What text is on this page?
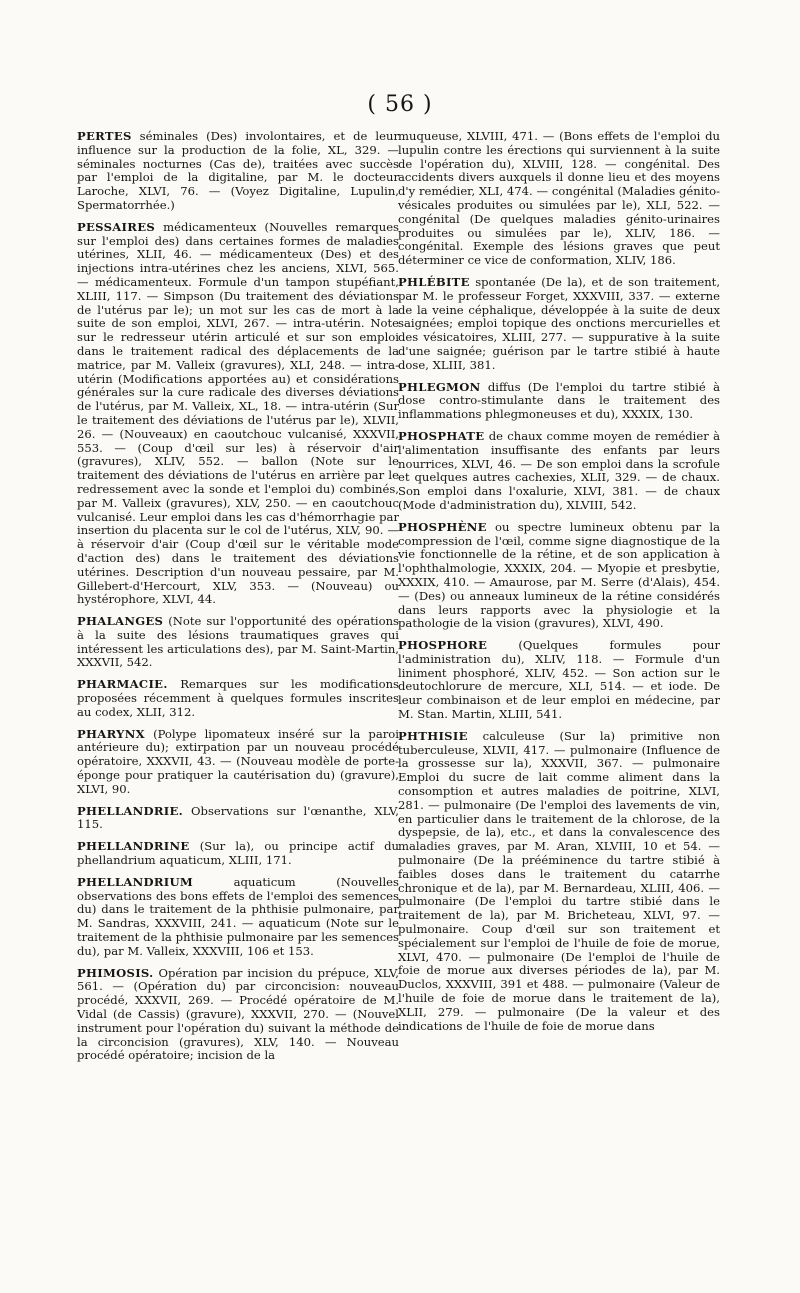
( 56 )

PERTES séminales (Des) involontaires, et de leur influence sur la production de la folie, XL, 329. — séminales nocturnes (Cas de), traitées avec succès par l'emploi de la digitaline, par M. le docteur Laroche, XLVI, 76. — (Voyez Digitaline, Lupulin, Spermatorrhée.)

PESSAIRES médicamenteux (Nouvelles remarques sur l'emploi des) dans certaines formes de maladies utérines, XLII, 46. — médicamenteux (Des) et des injections intra-utérines chez les anciens, XLVI, 565. — médicamenteux. Formule d'un tampon stupéfiant, XLIII, 117. — Simpson (Du traitement des déviations de l'utérus par le); un mot sur les cas de mort à la suite de son emploi, XLVI, 267. — intra-utérin. Note sur le redresseur utérin articulé et sur son emploi dans le traitement radical des déplacements de la matrice, par M. Valleix (gravures), XLI, 248. — intra-utérin (Modifications apportées au) et considérations générales sur la cure radicale des diverses déviations de l'utérus, par M. Valleix, XL, 18. — intra-utérin (Sur le traitement des déviations de l'utérus par le), XLVII, 26. — (Nouveaux) en caoutchouc vulcanisé, XXXVII, 553. — (Coup d'œil sur les) à réservoir d'air (gravures), XLIV, 552. — ballon (Note sur le traitement des déviations de l'utérus en arrière par le redressement avec la sonde et l'emploi du) combinés, par M. Valleix (gravures), XLV, 250. — en caoutchouc vulcanisé. Leur emploi dans les cas d'hémorrhagie par insertion du placenta sur le col de l'utérus, XLV, 90. — à réservoir d'air (Coup d'œil sur le véritable mode d'action des) dans le traitement des déviations utérines. Description d'un nouveau pessaire, par M. Gillebert-d'Hercourt, XLV, 353. — (Nouveau) ou hystérophore, XLVI, 44.

PHALANGES (Note sur l'opportunité des opérations à la suite des lésions traumatiques graves qui intéressent les articulations des), par M. Saint-Martin, XXXVII, 542.

PHARMACIE. Remarques sur les modifications proposées récemment à quelques formules inscrites au codex, XLII, 312.

PHARYNX (Polype lipomateux inséré sur la paroi antérieure du); extirpation par un nouveau procédé opératoire, XXXVII, 43. — (Nouveau modèle de porte-éponge pour pratiquer la cautérisation du) (gravure), XLVI, 90.

PHELLANDRIE. Observations sur l'œnanthe, XLV, 115.

PHELLANDRINE (Sur la), ou principe actif du phellandrium aquaticum, XLIII, 171.

PHELLANDRIUM	aquaticum (Nouvelles observations des bons effets de l'emploi des semences du) dans le traitement de la phthisie pulmonaire, par M. Sandras, XXXVIII, 241. — aquaticum (Note sur le traitement de la phthisie pulmonaire par les semences du), par M. Valleix, XXXVIII, 106 et 153.

PHIMOSIS. Opération par incision du prépuce, XLV, 561. — (Opération du) par circoncision: nouveau procédé, XXXVII, 269. — Procédé opératoire de M. Vidal (de Cassis) (gravure), XXXVII, 270. — (Nouvel instrument pour l'opération du) suivant la méthode de la circoncision (gravures), XLV, 140. — Nouveau procédé opératoire; incision de la

muqueuse, XLVIII, 471. — (Bons effets de l'emploi du lupulin contre les érections qui surviennent à la suite de l'opération du), XLVIII, 128. — congénital. Des accidents divers auxquels il donne lieu et des moyens d'y remédier, XLI, 474. — congénital (Maladies génito-vésicales produites ou simulées par le), XLI, 522. — congénital (De quelques maladies génito-urinaires produites ou simulées par le), XLIV, 186. — congénital. Exemple des lésions graves que peut déterminer ce vice de conformation, XLIV, 186.

PHLÉBITE spontanée (De la), et de son traitement, par M. le professeur Forget, XXXVIII, 337. — externe de la veine céphalique, développée à la suite de deux saignées; emploi topique des onctions mercurielles et des vésicatoires, XLIII, 277. — suppurative à la suite d'une saignée; guérison par le tartre stibié à haute dose, XLIII, 381.

PHLEGMON diffus (De l'emploi du tartre stibié à dose contro-stimulante dans le traitement des inflammations phlegmoneuses et du), XXXIX, 130.

PHOSPHATE de chaux comme moyen de remédier à l'alimentation insuffisante des enfants par leurs nourrices, XLVI, 46. — De son emploi dans la scrofule et quelques autres cachexies, XLII, 329. — de chaux. Son emploi dans l'oxalurie, XLVI, 381. — de chaux (Mode d'administration du), XLVIII, 542.

PHOSPHÈNE ou spectre lumineux obtenu par la compression de l'œil, comme signe diagnostique de la vie fonctionnelle de la rétine, et de son application à l'ophthalmologie, XXXIX, 204. — Myopie et presbytie, XXXIX, 410. — Amaurose, par M. Serre (d'Alais), 454. — (Des) ou anneaux lumineux de la rétine considérés dans leurs rapports avec la physiologie et la pathologie de la vision (gravures), XLVI, 490.

PHOSPHORE	(Quelques formules pour l'administration du), XLIV, 118. — Formule d'un liniment phosphoré, XLIV, 452. — Son action sur le deutochlorure de mercure, XLI, 514. — et iode. De leur combinaison et de leur emploi en médecine, par M. Stan. Martin, XLIII, 541.

PHTHISIE calculeuse (Sur la) primitive non tuberculeuse, XLVII, 417. — pulmonaire (Influence de la grossesse sur la), XXXVII, 367. — pulmonaire Emploi du sucre de lait comme aliment dans la consomption et autres maladies de poitrine, XLVI, 281. — pulmonaire (De l'emploi des lavements de vin, en particulier dans le traitement de la chlorose, de la dyspepsie, de la), etc., et dans la convalescence des maladies graves, par M. Aran, XLVIII, 10 et 54. — pulmonaire (De la prééminence du tartre stibié à faibles doses dans le traitement du catarrhe chronique et de la), par M. Bernardeau, XLIII, 406. — pulmonaire (De l'emploi du tartre stibié dans le traitement de la), par M. Bricheteau, XLVI, 97. — pulmonaire. Coup d'œil sur son traitement et spécialement sur l'emploi de l'huile de foie de morue, XLVI, 470. — pulmonaire (De l'emploi de l'huile de foie de morue aux diverses périodes de la), par M. Duclos, XXXVIII, 391 et 488. — pulmonaire (Valeur de l'huile de foie de morue dans le traitement de la), XLII, 279. — pulmonaire (De la valeur et des indications de l'huile de foie de morue dans
